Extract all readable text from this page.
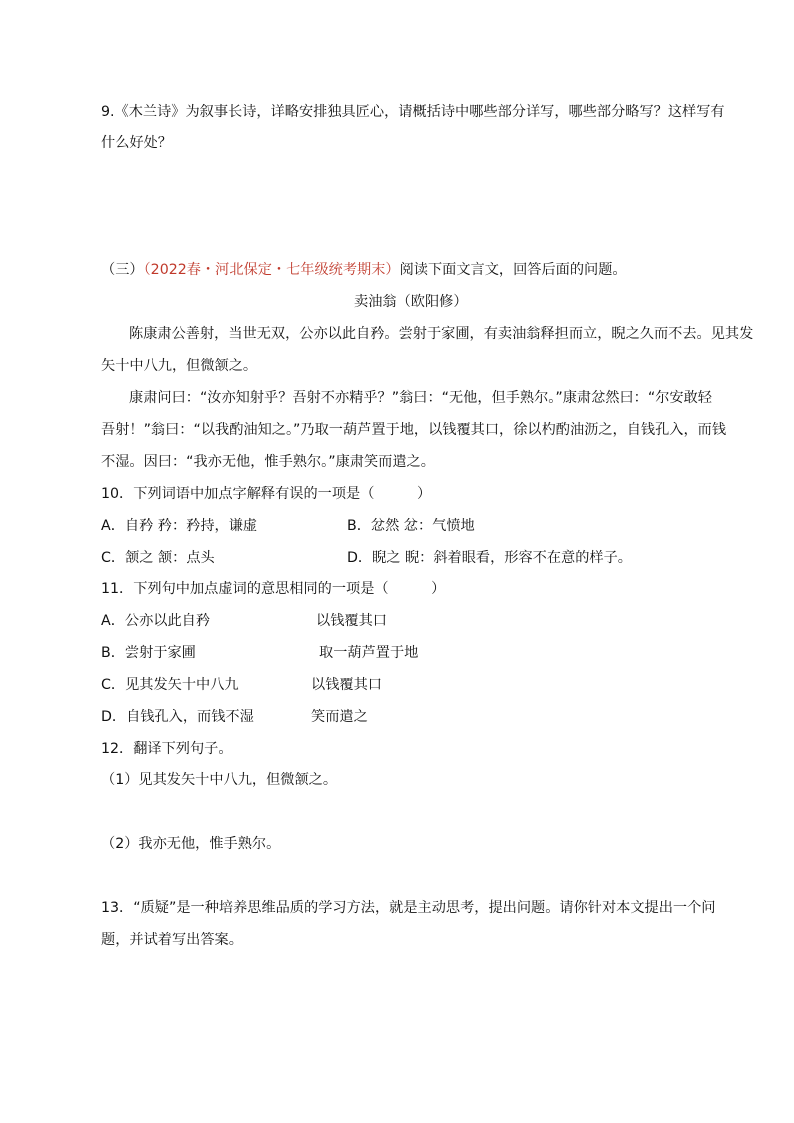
9.《木兰诗》为叙事长诗，详略安排独具匠心，请概括诗中哪些部分详写，哪些部分略写？这样写有
什么好处？
（三）（2022春・河北保定・七年级统考期末）阅读下面文言文，回答后面的问题。
卖油翁（欧阳修）
陈康肃公善射，当世无双，公亦以此自矜。尝射于家圃，有卖油翁释担而立，睨之久而不去。见其发
矢十中八九，但微颔之。
康肃问曰：“汝亦知射乎？吾射不亦精乎？”翁曰：“无他，但手熟尔。”康肃忿然曰：“尔安敢轻
吾射！”翁曰：“以我酌油知之。”乃取一葫芦置于地，以钱覆其口，徐以杓酌油沥之，自钱孔入，而钱
不湿。因曰：“我亦无他，惟手熟尔。”康肃笑而遣之。
10．下列词语中加点字解释有误的一项是（　　　）
A．自矜 矜：矜持，谦虚	B．忿然 忿：气愤地
C．颔之 颔：点头	D．睨之 睨：斜着眼看，形容不在意的样子。
11．下列句中加点虚词的意思相同的一项是（　　　）
A．公亦以此自矜	以钱覆其口
B．尝射于家圃	取一葫芦置于地
C．见其发矢十中八九	以钱覆其口
D．自钱孔入，而钱不湿	笑而遣之
12．翻译下列句子。
（1）见其发矢十中八九，但微颔之。
（2）我亦无他，惟手熟尔。
13．“质疑”是一种培养思维品质的学习方法，就是主动思考，提出问题。请你针对本文提出一个问
题，并试着写出答案。
